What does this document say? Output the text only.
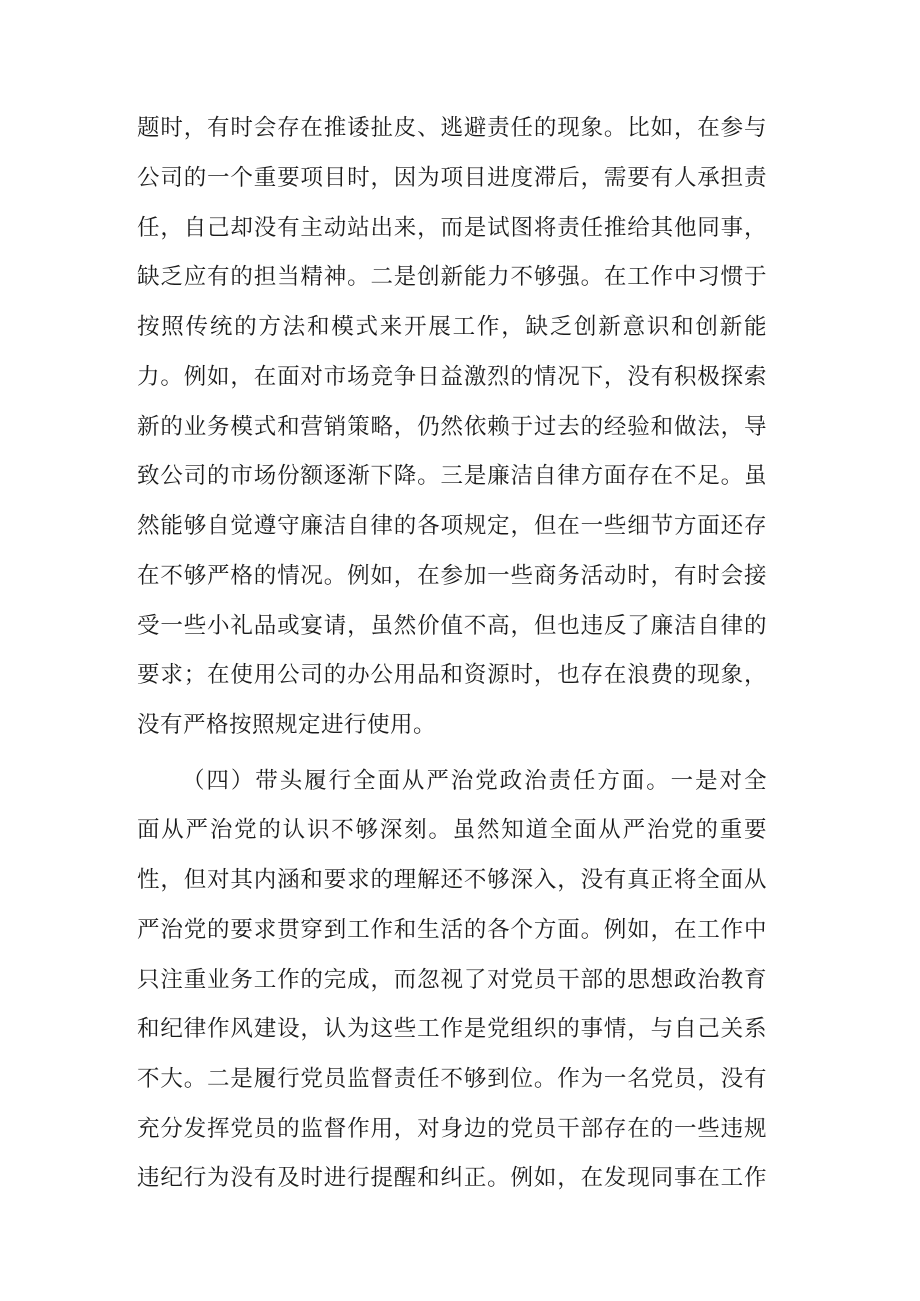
题时，有时会存在推诿扯皮、逃避责任的现象。比如，在参与
公司的一个重要项目时，因为项目进度滞后，需要有人承担责
任，自己却没有主动站出来，而是试图将责任推给其他同事，
缺乏应有的担当精神。二是创新能力不够强。在工作中习惯于
按照传统的方法和模式来开展工作，缺乏创新意识和创新能
力。例如，在面对市场竞争日益激烈的情况下，没有积极探索
新的业务模式和营销策略，仍然依赖于过去的经验和做法，导
致公司的市场份额逐渐下降。三是廉洁自律方面存在不足。虽
然能够自觉遵守廉洁自律的各项规定，但在一些细节方面还存
在不够严格的情况。例如，在参加一些商务活动时，有时会接
受一些小礼品或宴请，虽然价值不高，但也违反了廉洁自律的
要求；在使用公司的办公用品和资源时，也存在浪费的现象，
没有严格按照规定进行使用。
（四）带头履行全面从严治党政治责任方面。一是对全
面从严治党的认识不够深刻。虽然知道全面从严治党的重要
性，但对其内涵和要求的理解还不够深入，没有真正将全面从
严治党的要求贯穿到工作和生活的各个方面。例如，在工作中
只注重业务工作的完成，而忽视了对党员干部的思想政治教育
和纪律作风建设，认为这些工作是党组织的事情，与自己关系
不大。二是履行党员监督责任不够到位。作为一名党员，没有
充分发挥党员的监督作用，对身边的党员干部存在的一些违规
违纪行为没有及时进行提醒和纠正。例如，在发现同事在工作
